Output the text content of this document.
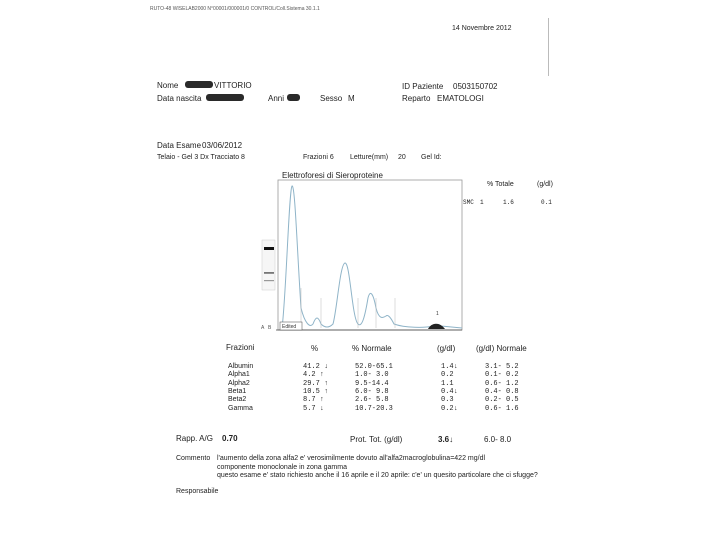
RUTO-48 WISELAB2000 N°00001/000001/0 CONTROL/Coll.Sistema 30.1.1
14 Novembre 2012
Nome	VITTORIO
Data nascita	Anni	Sesso M
ID Paziente 0503150702
Reparto EMATOLOGI
Data Esame 03/06/2012
Telaio - Gel 3 Dx Tracciato 8	Frazioni 6 Letture(mm) 20 Gel Id:
Elettroforesi di Sieroproteine
% Totale	(g/dl)
SMC 1	1.6	0.1
1
Edited
A B
Frazioni	%	% Normale	(g/dl)	(g/dl) Normale
Albumin	41.2 ↓	52.0-65.1	1.4↓	3.1- 5.2
Alpha1	4.2 ↑	1.0- 3.0	0.2	0.1- 0.2
Alpha2	29.7 ↑	9.5-14.4	1.1	0.6- 1.2
Beta1	10.5 ↑	6.0- 9.8	0.4↓	0.4- 0.8
Beta2	8.7 ↑	2.6- 5.8	0.3	0.2- 0.5
Gamma	5.7 ↓	10.7-20.3	0.2↓	0.6- 1.6
Rapp. A/G 0.70	Prot. Tot. (g/dl)	3.6↓	6.0- 8.0
Commento l'aumento della zona alfa2 e' verosimilmente dovuto all'alfa2macroglobulina=422 mg/dl
componente monoclonale in zona gamma
questo esame e' stato richiesto anche il 16 aprile e il 20 aprile: c'e' un quesito particolare che ci sfugge?
Responsabile
